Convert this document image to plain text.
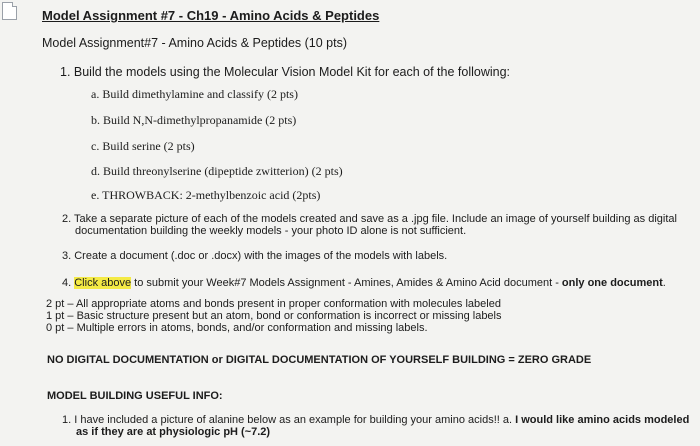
Model Assignment #7 - Ch19 - Amino Acids & Peptides
Model Assignment#7 - Amino Acids & Peptides (10 pts)
1. Build the models using the Molecular Vision Model Kit for each of the following:
a. Build dimethylamine and classify (2 pts)
b. Build N,N-dimethylpropanamide (2 pts)
c. Build serine (2 pts)
d. Build threonylserine (dipeptide zwitterion) (2 pts)
e. THROWBACK: 2-methylbenzoic acid (2pts)
2. Take a separate picture of each of the models created and save as a .jpg file. Include an image of yourself building as digital
documentation building the weekly models - your photo ID alone is not sufficient.
3. Create a document (.doc or .docx) with the images of the models with labels.
4. Click above to submit your Week#7 Models Assignment - Amines, Amides & Amino Acid document - only one document.
2 pt – All appropriate atoms and bonds present in proper conformation with molecules labeled
1 pt – Basic structure present but an atom, bond or conformation is incorrect or missing labels
0 pt – Multiple errors in atoms, bonds, and/or conformation and missing labels.
NO DIGITAL DOCUMENTATION or DIGITAL DOCUMENTATION OF YOURSELF BUILDING = ZERO GRADE
MODEL BUILDING USEFUL INFO:
1. I have included a picture of alanine below as an example for building your amino acids!! a. I would like amino acids modeled
as if they are at physiologic pH (~7.2)
